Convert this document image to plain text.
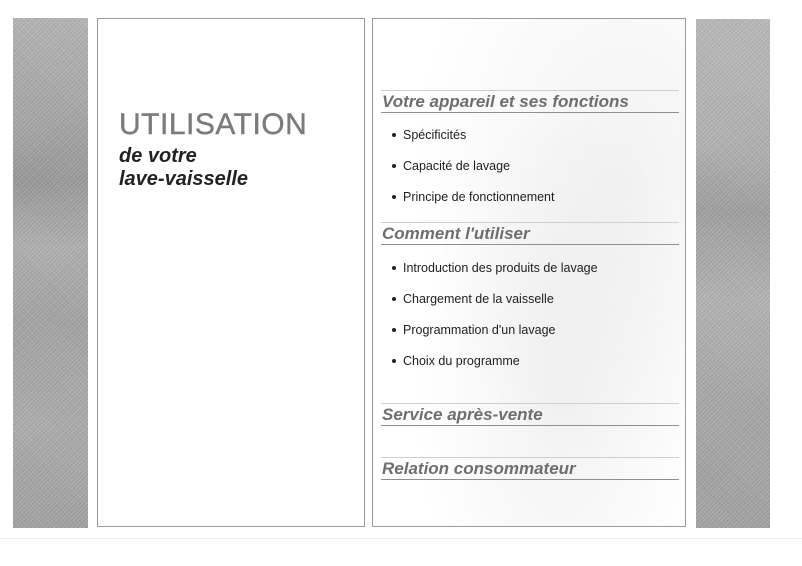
UTILISATION

de votre

lave-vaisselle

Votre appareil et ses fonctions
Spécificités
Capacité de lavage
Principe de fonctionnement
Comment l'utiliser
Introduction des produits de lavage
Chargement de la vaisselle
Programmation d'un lavage
Choix du programme
Service après-vente
Relation consommateur
